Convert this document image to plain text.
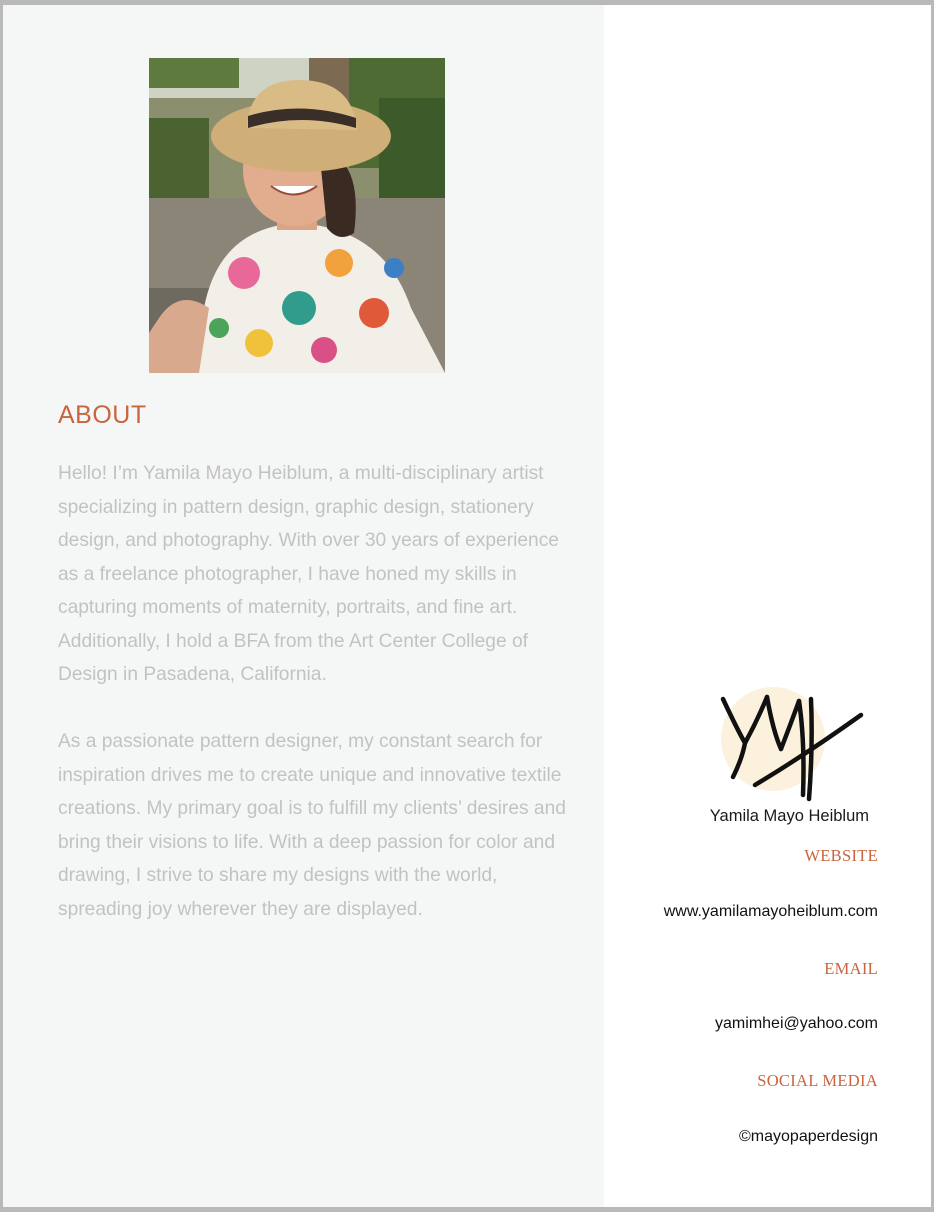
ABOUT

Hello! I’m Yamila Mayo Heiblum, a multi-disciplinary artist specializing in pattern design, graphic design, stationery design, and photography. With over 30 years of experience as a freelance photographer, I have honed my skills in capturing moments of maternity, portraits, and fine art. Additionally, I hold a BFA from the Art Center College of Design in Pasadena, California.

As a passionate pattern designer, my constant search for inspiration drives me to create unique and innovative textile creations. My primary goal is to fulfill my clients’ desires and bring their visions to life. With a deep passion for color and drawing, I strive to share my designs with the world, spreading joy wherever they are displayed.

Yamila Mayo Heiblum
WEBSITE
www.yamilamayoheiblum.com
EMAIL
yamimhei@yahoo.com
SOCIAL MEDIA
©mayopaperdesign
